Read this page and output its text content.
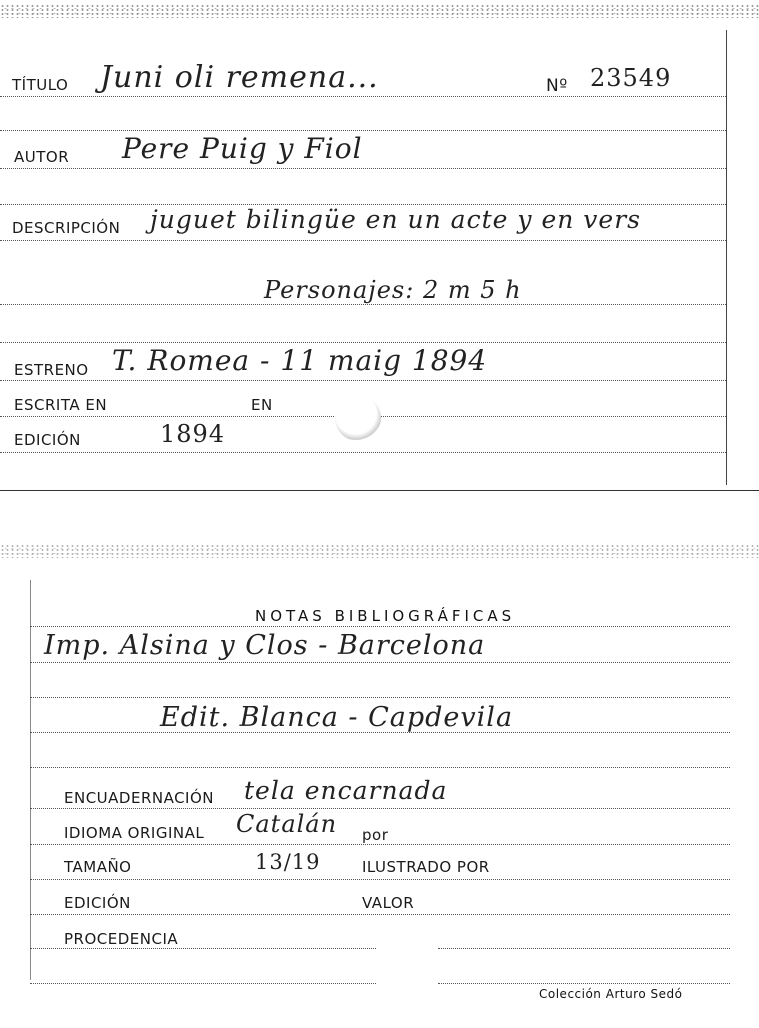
TÍTULO Juni oli remena...	Nº 23549
AUTOR Pere Puig y Fiol
DESCRIPCIÓN juguet bilingüe en un acte y en vers
Personajes: 2 m 5 h
ESTRENO T. Romea - 11 maig 1894
ESCRITA EN	EN
EDICIÓN	1894
NOTAS BIBLIOGRÁFICAS
Imp. Alsina y Clos - Barcelona
Edit. Blanca - Capdevila
ENCUADERNACIÓN tela encarnada
IDIOMA ORIGINAL Catalán por
TAMAÑO	13/19	ILUSTRADO POR
EDICIÓN	VALOR
PROCEDENCIA
Colección Arturo Sedó
